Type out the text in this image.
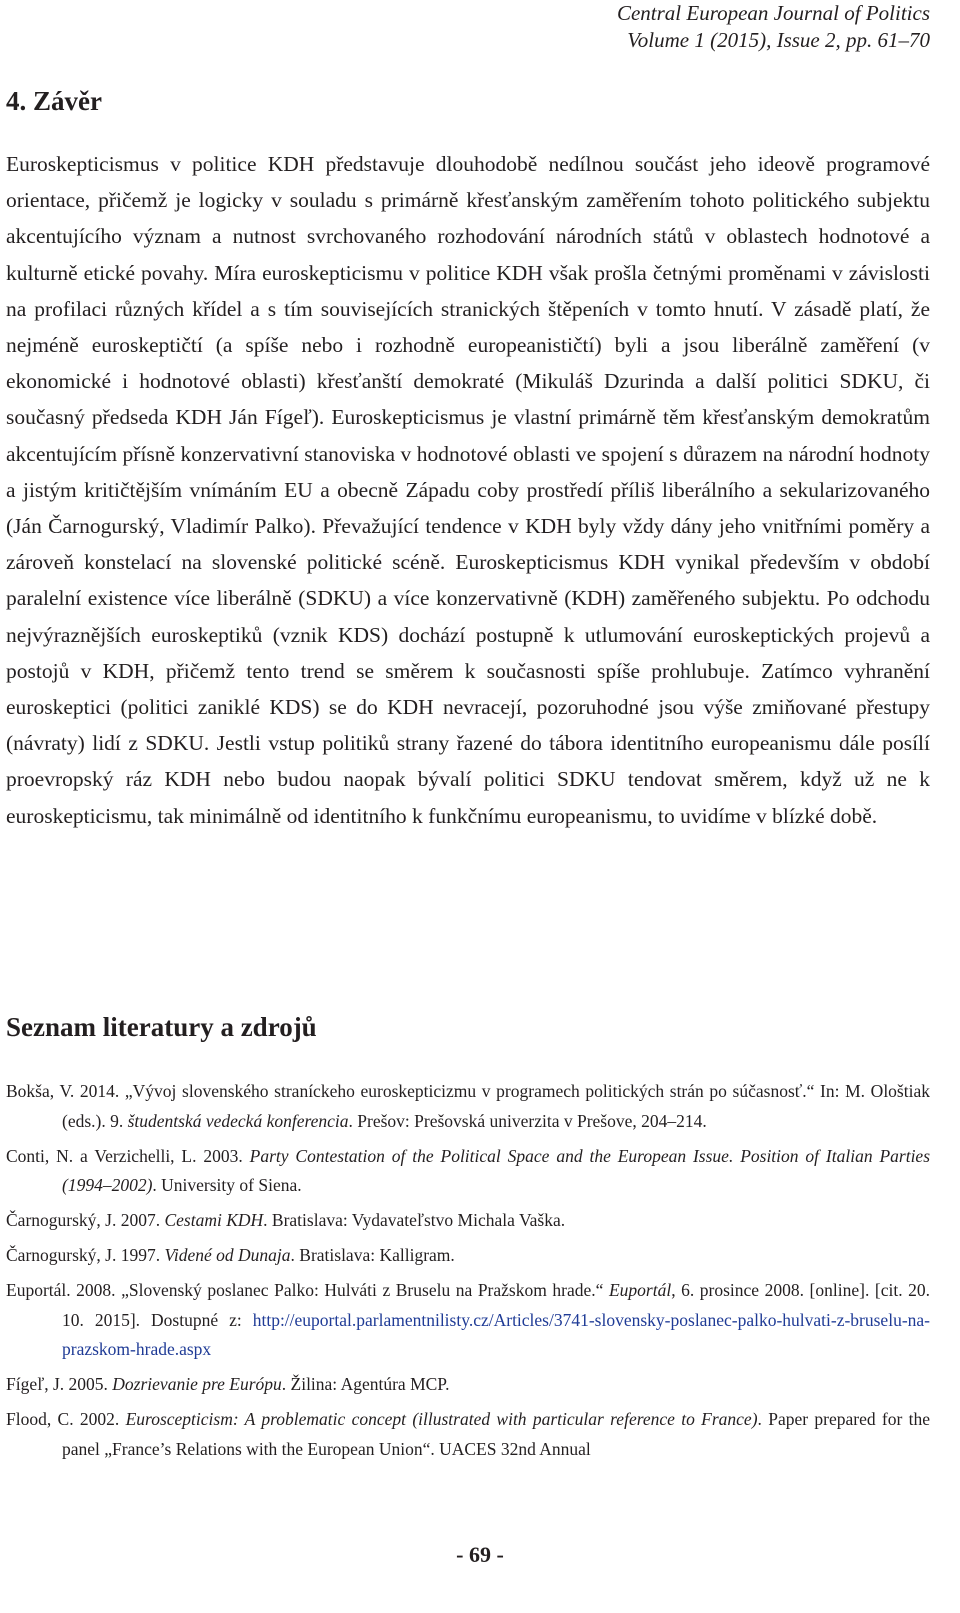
Central European Journal of Politics
Volume 1 (2015), Issue 2, pp. 61–70
4. Závěr
Euroskepticismus v politice KDH představuje dlouhodobě nedílnou součást jeho ideově programové orientace, přičemž je logicky v souladu s primárně křesťanským zaměřením tohoto politického subjektu akcentujícího význam a nutnost svrchovaného rozhodování národních států v oblastech hodnotové a kulturně etické povahy. Míra euroskepticismu v politice KDH však prošla četnými proměnami v závislosti na profilaci různých křídel a s tím souvisejících stranických štěpeních v tomto hnutí. V zásadě platí, že nejméně euroskeptičtí (a spíše nebo i rozhodně europeanističtí) byli a jsou liberálně zaměření (v ekonomické i hodnotové oblasti) křesťanští demokraté (Mikuláš Dzurinda a další politici SDKU, či současný předseda KDH Ján Fígeľ). Euroskepticismus je vlastní primárně těm křesťanským demokratům akcentujícím přísně konzervativní stanoviska v hodnotové oblasti ve spojení s důrazem na národní hodnoty a jistým kritičtějším vnímáním EU a obecně Západu coby prostředí příliš liberálního a sekularizovaného (Ján Čarnogurský, Vladimír Palko). Převažující tendence v KDH byly vždy dány jeho vnitřními poměry a zároveň konstelací na slovenské politické scéně. Euroskepticismus KDH vynikal především v období paralelní existence více liberálně (SDKU) a více konzervativně (KDH) zaměřeného subjektu. Po odchodu nejvýraznějších euroskeptiků (vznik KDS) dochází postupně k utlumování euroskeptických projevů a postojů v KDH, přičemž tento trend se směrem k současnosti spíše prohlubuje. Zatímco vyhranění euroskeptici (politici zaniklé KDS) se do KDH nevracejí, pozoruhodné jsou výše zmiňované přestupy (návraty) lidí z SDKU. Jestli vstup politiků strany řazené do tábora identitního europeanismu dále posílí proevropský ráz KDH nebo budou naopak bývalí politici SDKU tendovat směrem, když už ne k euroskepticismu, tak minimálně od identitního k funkčnímu europeanismu, to uvidíme v blízké době.
Seznam literatury a zdrojů
Bokša, V. 2014. „Vývoj slovenského straníckeho euroskepticizmu v programech politických strán po súčasnosť.“ In: M. Ološtiak (eds.). 9. študentská vedecká konferencia. Prešov: Prešovská univerzita v Prešove, 204–214.
Conti, N. a Verzichelli, L. 2003. Party Contestation of the Political Space and the European Issue. Position of Italian Parties (1994–2002). University of Siena.
Čarnogurský, J. 2007. Cestami KDH. Bratislava: Vydavateľstvo Michala Vaška.
Čarnogurský, J. 1997. Videné od Dunaja. Bratislava: Kalligram.
Euportál. 2008. „Slovenský poslanec Palko: Hulváti z Bruselu na Pražskom hrade.“ Euportál, 6. prosince 2008. [online]. [cit. 20. 10. 2015]. Dostupné z: http://euportal.parlamentnilisty.cz/Articles/3741-slovensky-poslanec-palko-hulvati-z-bruselu-na-prazskom-hrade.aspx
Fígeľ, J. 2005. Dozrievanie pre Európu. Žilina: Agentúra MCP.
Flood, C. 2002. Euroscepticism: A problematic concept (illustrated with particular reference to France). Paper prepared for the panel „France’s Relations with the European Union“. UACES 32nd Annual
- 69 -
